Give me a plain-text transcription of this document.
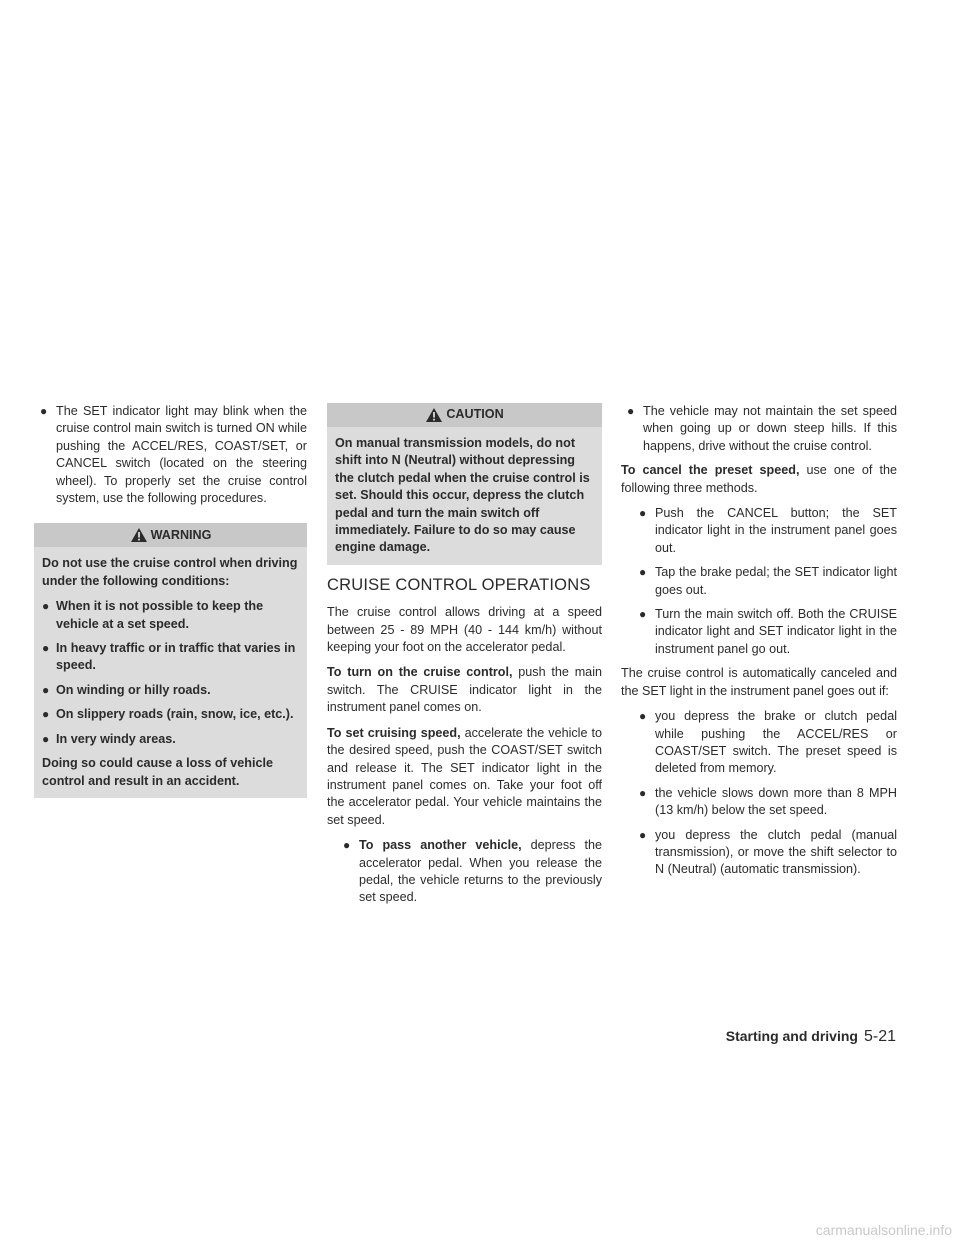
● The SET indicator light may blink when the cruise control main switch is turned ON while pushing the ACCEL/RES, COAST/SET, or CANCEL switch (located on the steering wheel). To properly set the cruise control system, use the following procedures.
WARNING

Do not use the cruise control when driving under the following conditions:

● When it is not possible to keep the vehicle at a set speed.
● In heavy traffic or in traffic that varies in speed.
● On winding or hilly roads.
● On slippery roads (rain, snow, ice, etc.).
● In very windy areas.

Doing so could cause a loss of vehicle control and result in an accident.

CAUTION

On manual transmission models, do not shift into N (Neutral) without depressing the clutch pedal when the cruise control is set. Should this occur, depress the clutch pedal and turn the main switch off immediately. Failure to do so may cause engine damage.

CRUISE CONTROL OPERATIONS

The cruise control allows driving at a speed between 25 - 89 MPH (40 - 144 km/h) without keeping your foot on the accelerator pedal.

To turn on the cruise control, push the main switch. The CRUISE indicator light in the instrument panel comes on.

To set cruising speed, accelerate the vehicle to the desired speed, push the COAST/SET switch and release it. The SET indicator light in the instrument panel comes on. Take your foot off the accelerator pedal. Your vehicle maintains the set speed.

● To pass another vehicle, depress the accelerator pedal. When you release the pedal, the vehicle returns to the previously set speed.
● The vehicle may not maintain the set speed when going up or down steep hills. If this happens, drive without the cruise control.

To cancel the preset speed, use one of the following three methods.

● Push the CANCEL button; the SET indicator light in the instrument panel goes out.
● Tap the brake pedal; the SET indicator light goes out.
● Turn the main switch off. Both the CRUISE indicator light and SET indicator light in the instrument panel go out.

The cruise control is automatically canceled and the SET light in the instrument panel goes out if:

● you depress the brake or clutch pedal while pushing the ACCEL/RES or COAST/SET switch. The preset speed is deleted from memory.
● the vehicle slows down more than 8 MPH (13 km/h) below the set speed.
● you depress the clutch pedal (manual transmission), or move the shift selector to N (Neutral) (automatic transmission).
Starting and driving 5-21
carmanualsonline.info
